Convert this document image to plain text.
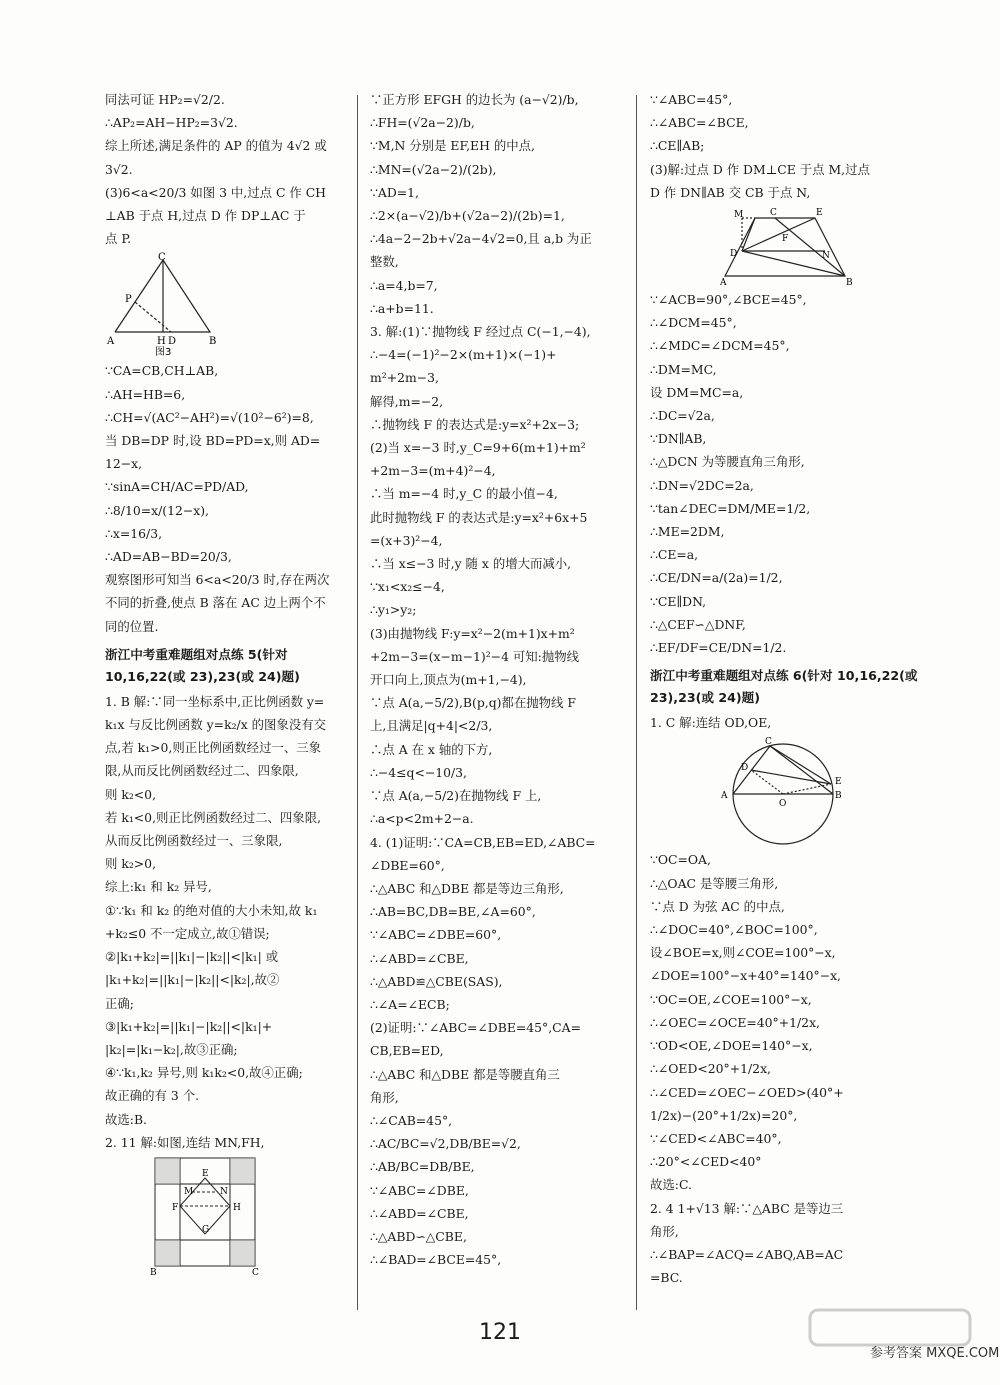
同法可证 HP₂=√2/2.

∴AP₂=AH−HP₂=3√2.

综上所述,满足条件的 AP 的值为 4√2 或

3√2.

(3)6<a<20/3 如图 3 中,过点 C 作 CH

⊥AB 于点 H,过点 D 作 DP⊥AC 于

点 P.

C
P
A	H D	B
图3

∵CA=CB,CH⊥AB,

∴AH=HB=6,

∴CH=√(AC²−AH²)=√(10²−6²)=8,

当 DB=DP 时,设 BD=PD=x,则 AD=

12−x,

∵sinA=CH/AC=PD/AD,

∴8/10=x/(12−x),

∴x=16/3,

∴AD=AB−BD=20/3,

观察图形可知当 6<a<20/3 时,存在两次

不同的折叠,使点 B 落在 AC 边上两个不

同的位置.

浙江中考重难题组对点练 5(针对 10,16,22(或 23),23(或 24)题)

1. B 解:∵同一坐标系中,正比例函数 y=

k₁x 与反比例函数 y=k₂/x 的图象没有交

点,若 k₁>0,则正比例函数经过一、三象

限,从而反比例函数经过二、四象限,

则 k₂<0,

若 k₁<0,则正比例函数经过二、四象限,

从而反比例函数经过一、三象限,

则 k₂>0,

综上:k₁ 和 k₂ 异号,

①∵k₁ 和 k₂ 的绝对值的大小未知,故 k₁

+k₂≤0 不一定成立,故①错误;

②|k₁+k₂|=||k₁|−|k₂||<|k₁| 或

|k₁+k₂|=||k₁|−|k₂||<|k₂|,故②

正确;

③|k₁+k₂|=||k₁|−|k₂||<|k₁|+

|k₂|=|k₁−k₂|,故③正确;

④∵k₁,k₂ 异号,则 k₁k₂<0,故④正确;

故正确的有 3 个.

故选:B.

2. 11 解:如图,连结 MN,FH,

E
M	N
F	H
G
B	C

∵正方形 EFGH 的边长为 (a−√2)/b,

∴FH=(√2a−2)/b,

∵M,N 分别是 EF,EH 的中点,

∴MN=(√2a−2)/(2b),

∵AD=1,

∴2×(a−√2)/b+(√2a−2)/(2b)=1,

∴4a−2−2b+√2a−4√2=0,且 a,b 为正

整数,

∴a=4,b=7,

∴a+b=11.

3. 解:(1)∵抛物线 F 经过点 C(−1,−4),

∴−4=(−1)²−2×(m+1)×(−1)+

m²+2m−3,

解得,m=−2,

∴抛物线 F 的表达式是:y=x²+2x−3;

(2)当 x=−3 时,y_C=9+6(m+1)+m²

+2m−3=(m+4)²−4,

∴当 m=−4 时,y_C 的最小值−4,

此时抛物线 F 的表达式是:y=x²+6x+5

=(x+3)²−4,

∴当 x≤−3 时,y 随 x 的增大而减小,

∵x₁<x₂≤−4,

∴y₁>y₂;

(3)由抛物线 F:y=x²−2(m+1)x+m²

+2m−3=(x−m−1)²−4 可知:抛物线

开口向上,顶点为(m+1,−4),

∵点 A(a,−5/2),B(p,q)都在抛物线 F

上,且满足|q+4|<2/3,

∴点 A 在 x 轴的下方,

∴−4≤q<−10/3,

∵点 A(a,−5/2)在抛物线 F 上,

∴a<p<2m+2−a.

4. (1)证明:∵CA=CB,EB=ED,∠ABC=

∠DBE=60°,

∴△ABC 和△DBE 都是等边三角形,

∴AB=BC,DB=BE,∠A=60°,

∵∠ABC=∠DBE=60°,

∴∠ABD=∠CBE,

∴△ABD≌△CBE(SAS),

∴∠A=∠ECB;

(2)证明:∵∠ABC=∠DBE=45°,CA=

CB,EB=ED,

∴△ABC 和△DBE 都是等腰直角三

角形,

∴∠CAB=45°,

∴AC/BC=√2,DB/BE=√2,

∴AB/BC=DB/BE,

∵∠ABC=∠DBE,

∴∠ABD=∠CBE,

∴△ABD∽△CBE,

∴∠BAD=∠BCE=45°,

∵∠ABC=45°,

∴∠ABC=∠BCE,

∴CE∥AB;

(3)解:过点 D 作 DM⊥CE 于点 M,过点

D 作 DN∥AB 交 CB 于点 N,

M	C	E
D
F
N
A	B

∵∠ACB=90°,∠BCE=45°,

∴∠DCM=45°,

∴∠MDC=∠DCM=45°,

∴DM=MC,

设 DM=MC=a,

∴DC=√2a,

∵DN∥AB,

∴△DCN 为等腰直角三角形,

∴DN=√2DC=2a,

∵tan∠DEC=DM/ME=1/2,

∴ME=2DM,

∴CE=a,

∴CE/DN=a/(2a)=1/2,

∵CE∥DN,

∴△CEF∽△DNF,

∴EF/DF=CE/DN=1/2.

浙江中考重难题组对点练 6(针对 10,16,22(或 23),23(或 24)题)

1. C 解:连结 OD,OE,

C
D
E
A
O
B

∵OC=OA,

∴△OAC 是等腰三角形,

∵点 D 为弦 AC 的中点,

∴∠DOC=40°,∠BOC=100°,

设∠BOE=x,则∠COE=100°−x,

∠DOE=100°−x+40°=140°−x,

∵OC=OE,∠COE=100°−x,

∴∠OEC=∠OCE=40°+1/2x,

∵OD<OE,∠DOE=140°−x,

∴∠OED<20°+1/2x,

∴∠CED=∠OEC−∠OED>(40°+

1/2x)−(20°+1/2x)=20°,

∵∠CED<∠ABC=40°,

∴20°<∠CED<40°

故选:C.

2. 4 1+√13 解:∵△ABC 是等边三

角形,

∴∠BAP=∠ACQ=∠ABQ,AB=AC

=BC.

121
参考答案 MXQE.COM
